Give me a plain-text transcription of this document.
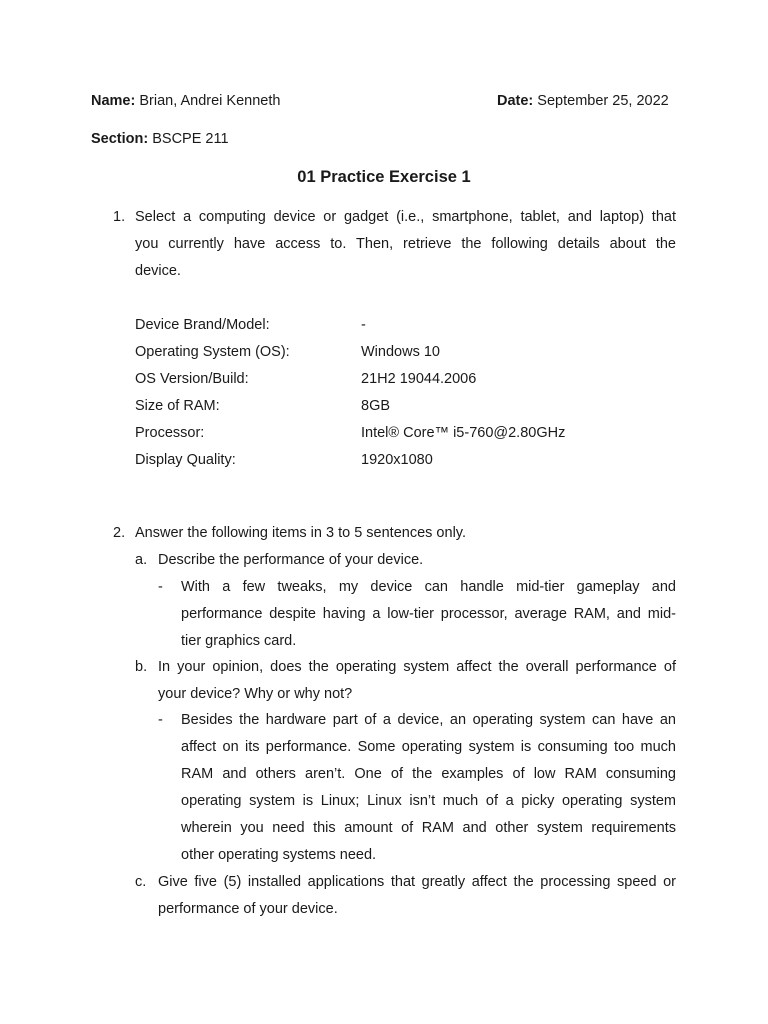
Name: Brian, Andrei Kenneth	Date: September 25, 2022
Section: BSCPE 211
01 Practice Exercise 1
1. Select a computing device or gadget (i.e., smartphone, tablet, and laptop) that
you currently have access to. Then, retrieve the following details about the
device.
Device Brand/Model:	-
Operating System (OS):	Windows 10
OS Version/Build:	21H2 19044.2006
Size of RAM:	8GB
Processor:	Intel® Core™ i5-760@2.80GHz
Display Quality:	1920x1080
2. Answer the following items in 3 to 5 sentences only.
a. Describe the performance of your device.
- With a few tweaks, my device can handle mid-tier gameplay and
performance despite having a low-tier processor, average RAM, and mid-
tier graphics card.
b. In your opinion, does the operating system affect the overall performance of
your device? Why or why not?
- Besides the hardware part of a device, an operating system can have an
affect on its performance. Some operating system is consuming too much
RAM and others aren’t. One of the examples of low RAM consuming
operating system is Linux; Linux isn’t much of a picky operating system
wherein you need this amount of RAM and other system requirements
other operating systems need.
c. Give five (5) installed applications that greatly affect the processing speed or
performance of your device.
